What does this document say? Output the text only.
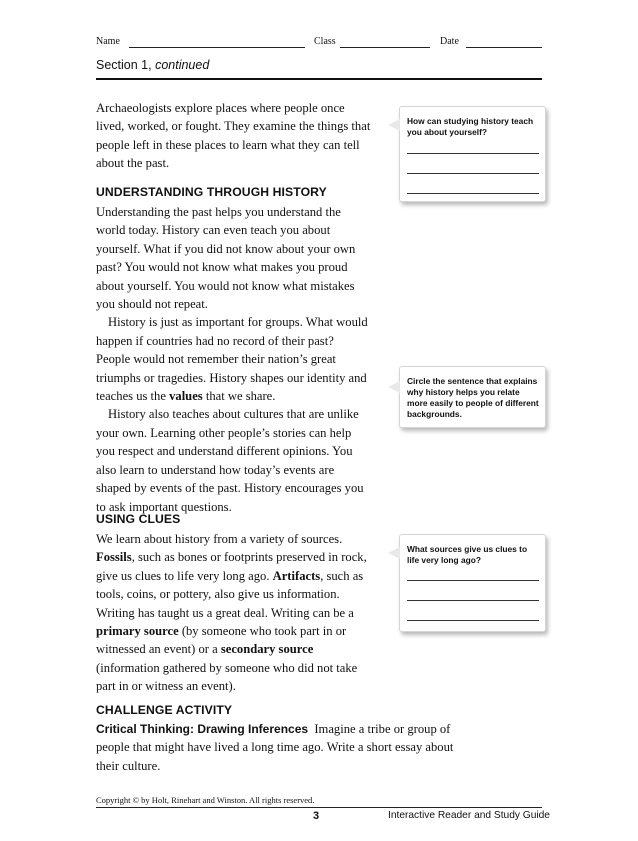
Name	Class	Date
Section 1, continued

Archaeologists explore places where people once lived, worked, or fought. They examine the things that people left in these places to learn what they can tell about the past.

UNDERSTANDING THROUGH HISTORY

Understanding the past helps you understand the world today. History can even teach you about yourself. What if you did not know about your own past? You would not know what makes you proud about yourself. You would not know what mistakes you should not repeat.

History is just as important for groups. What would happen if countries had no record of their past? People would not remember their nation’s great triumphs or tragedies. History shapes our identity and teaches us the values that we share.

History also teaches about cultures that are unlike your own. Learning other people’s stories can help you respect and understand different opinions. You also learn to understand how today’s events are shaped by events of the past. History encourages you to ask important questions.

USING CLUES

We learn about history from a variety of sources. Fossils, such as bones or footprints preserved in rock, give us clues to life very long ago. Artifacts, such as tools, coins, or pottery, also give us information. Writing has taught us a great deal. Writing can be a primary source (by someone who took part in or witnessed an event) or a secondary source (information gathered by someone who did not take part in or witness an event).

CHALLENGE ACTIVITY

Critical Thinking: Drawing Inferences Imagine a tribe or group of people that might have lived a long time ago. Write a short essay about their culture.

How can studying history teach you about yourself?
Circle the sentence that explains why history helps you relate more easily to people of different backgrounds.
What sources give us clues to life very long ago?
Copyright © by Holt, Rinehart and Winston. All rights reserved.
3	Interactive Reader and Study Guide
